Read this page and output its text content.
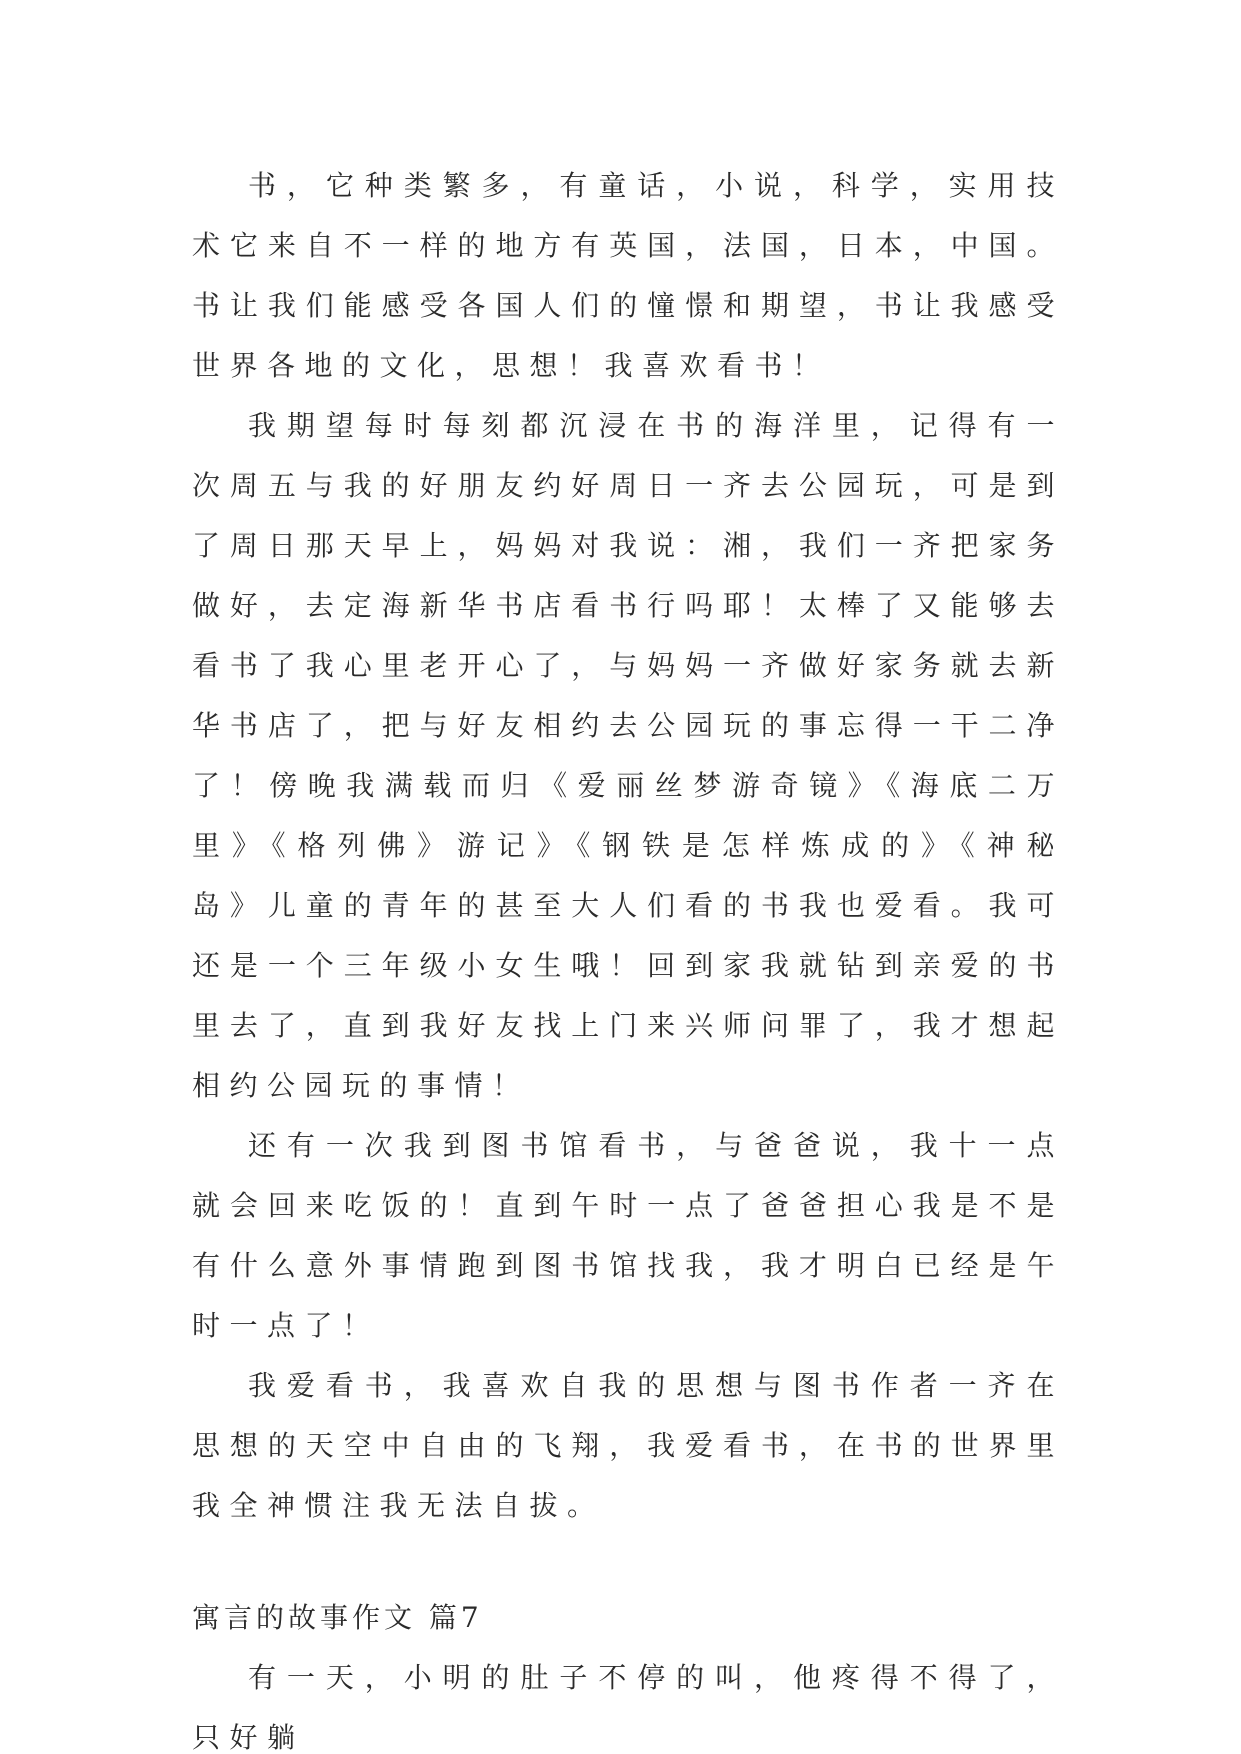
书，它种类繁多，有童话，小说，科学，实用技术它来自不一样的地方有英国，法国，日本，中国。书让我们能感受各国人们的憧憬和期望，书让我感受世界各地的文化，思想！我喜欢看书！

我期望每时每刻都沉浸在书的海洋里，记得有一次周五与我的好朋友约好周日一齐去公园玩，可是到了周日那天早上，妈妈对我说：湘，我们一齐把家务做好，去定海新华书店看书行吗耶！太棒了又能够去看书了我心里老开心了，与妈妈一齐做好家务就去新华书店了，把与好友相约去公园玩的事忘得一干二净了！傍晚我满载而归《爱丽丝梦游奇镜》《海底二万里》《格列佛》游记》《钢铁是怎样炼成的》《神秘岛》儿童的青年的甚至大人们看的书我也爱看。我可还是一个三年级小女生哦！回到家我就钻到亲爱的书里去了，直到我好友找上门来兴师问罪了，我才想起相约公园玩的事情！

还有一次我到图书馆看书，与爸爸说，我十一点就会回来吃饭的！直到午时一点了爸爸担心我是不是有什么意外事情跑到图书馆找我，我才明白已经是午时一点了！

我爱看书，我喜欢自我的思想与图书作者一齐在思想的天空中自由的飞翔，我爱看书，在书的世界里我全神惯注我无法自拔。

寓言的故事作文 篇7

有一天，小明的肚子不停的叫，他疼得不得了，只好躺
